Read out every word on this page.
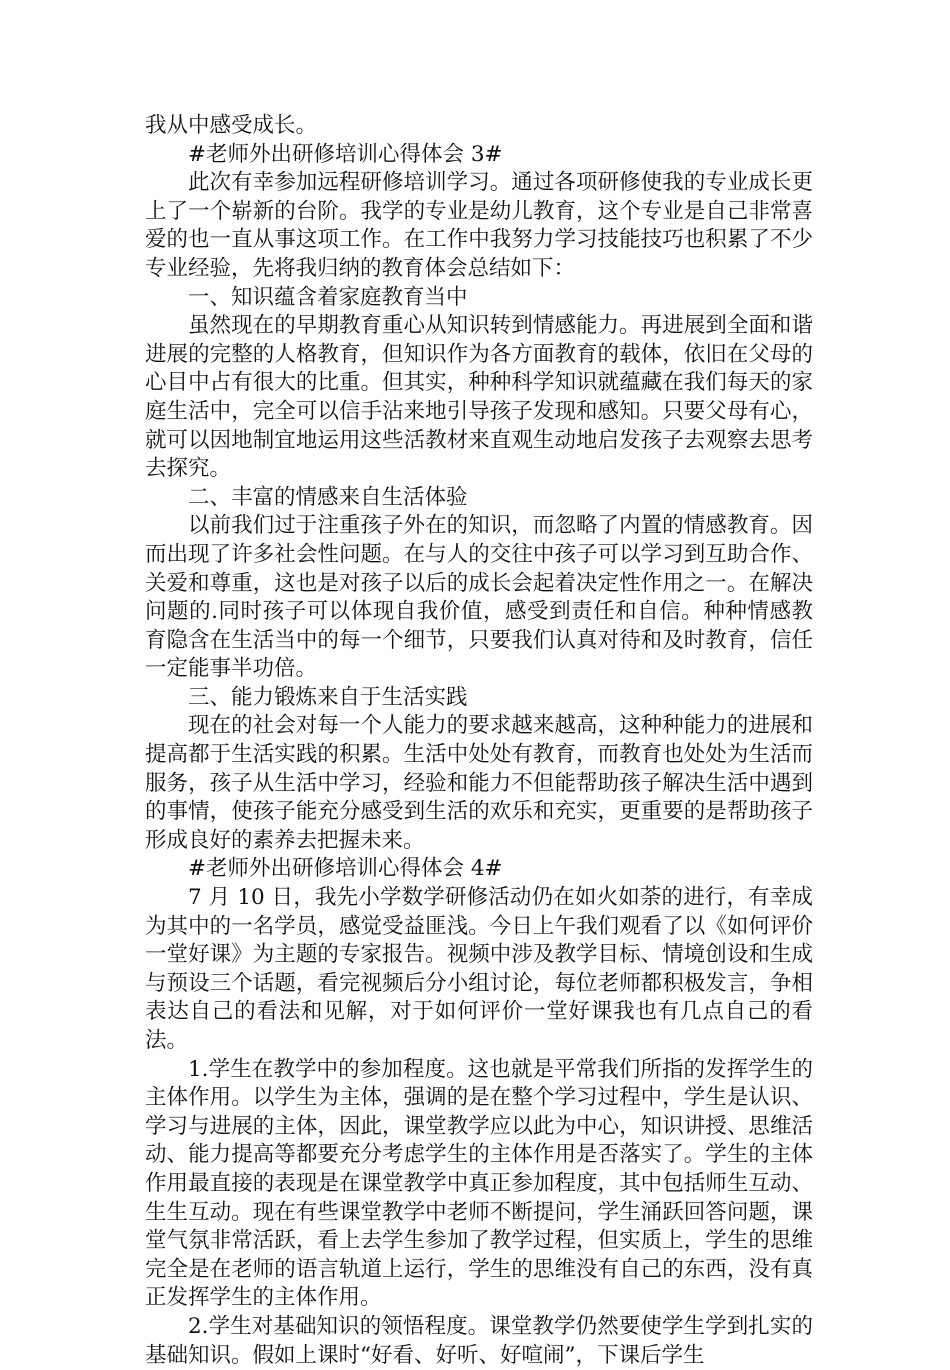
我从中感受成长。

#老师外出研修培训心得体会 3#

此次有幸参加远程研修培训学习。通过各项研修使我的专业成长更上了一个崭新的台阶。我学的专业是幼儿教育，这个专业是自己非常喜爱的也一直从事这项工作。在工作中我努力学习技能技巧也积累了不少专业经验，先将我归纳的教育体会总结如下：

一、知识蕴含着家庭教育当中

虽然现在的早期教育重心从知识转到情感能力。再进展到全面和谐进展的完整的人格教育，但知识作为各方面教育的载体，依旧在父母的心目中占有很大的比重。但其实，种种科学知识就蕴藏在我们每天的家庭生活中，完全可以信手沾来地引导孩子发现和感知。只要父母有心，就可以因地制宜地运用这些活教材来直观生动地启发孩子去观察去思考去探究。

二、丰富的情感来自生活体验

以前我们过于注重孩子外在的知识，而忽略了内置的情感教育。因而出现了许多社会性问题。在与人的交往中孩子可以学习到互助合作、关爱和尊重，这也是对孩子以后的成长会起着决定性作用之一。在解决问题的.同时孩子可以体现自我价值，感受到责任和自信。种种情感教育隐含在生活当中的每一个细节，只要我们认真对待和及时教育，信任一定能事半功倍。

三、能力锻炼来自于生活实践

现在的社会对每一个人能力的要求越来越高，这种种能力的进展和提高都于生活实践的积累。生活中处处有教育，而教育也处处为生活而服务，孩子从生活中学习，经验和能力不但能帮助孩子解决生活中遇到的事情，使孩子能充分感受到生活的欢乐和充实，更重要的是帮助孩子形成良好的素养去把握未来。

#老师外出研修培训心得体会 4#

7 月 10 日，我先小学数学研修活动仍在如火如荼的进行，有幸成为其中的一名学员，感觉受益匪浅。今日上午我们观看了以《如何评价一堂好课》为主题的专家报告。视频中涉及教学目标、情境创设和生成与预设三个话题，看完视频后分小组讨论，每位老师都积极发言，争相表达自己的看法和见解，对于如何评价一堂好课我也有几点自己的看法。

1.学生在教学中的参加程度。这也就是平常我们所指的发挥学生的主体作用。以学生为主体，强调的是在整个学习过程中，学生是认识、学习与进展的主体，因此，课堂教学应以此为中心，知识讲授、思维活动、能力提高等都要充分考虑学生的主体作用是否落实了。学生的主体作用最直接的表现是在课堂教学中真正参加程度，其中包括师生互动、生生互动。现在有些课堂教学中老师不断提问，学生涌跃回答问题，课堂气氛非常活跃，看上去学生参加了教学过程，但实质上，学生的思维完全是在老师的语言轨道上运行，学生的思维没有自己的东西，没有真正发挥学生的主体作用。

2.学生对基础知识的领悟程度。课堂教学仍然要使学生学到扎实的基础知识。假如上课时“好看、好听、好喧闹”，下课后学生
